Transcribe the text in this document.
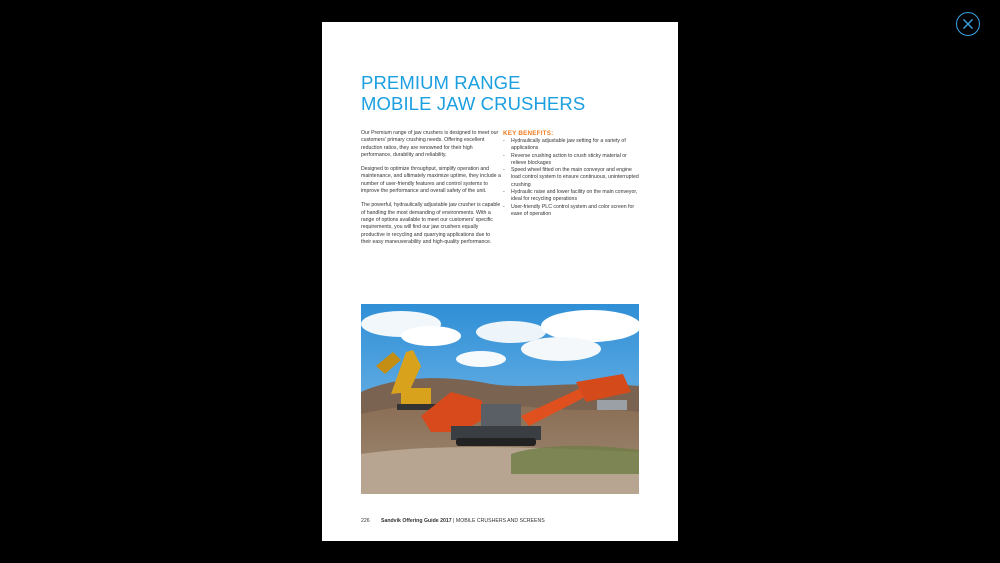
PREMIUM RANGE
MOBILE JAW CRUSHERS

Our Premium range of jaw crushers is designed to meet our customers' primary crushing needs. Offering excellent reduction ratios, they are renowned for their high performance, durability and reliability.

Designed to optimize throughput, simplify operation and maintenance, and ultimately maximize uptime, they include a number of user-friendly features and control systems to improve the performance and overall safety of the unit.

The powerful, hydraulically adjustable jaw crusher is capable of handling the most demanding of environments. With a range of options available to meet our customers' specific requirements, you will find our jaw crushers equally productive in recycling and quarrying applications due to their easy maneuverability and high-quality performance.

KEY BENEFITS:
- Hydraulically adjustable jaw setting for a variety of applications
- Reverse crushing action to crush sticky material or relieve blockages
- Speed wheel fitted on the main conveyor and engine load control system to ensure continuous, uninterrupted crushing
- Hydraulic raise and lower facility on the main conveyor, ideal for recycling operations
- User-friendly PLC control system and color screen for ease of operation
226 Sandvik Offering Guide 2017 | MOBILE CRUSHERS AND SCREENS
